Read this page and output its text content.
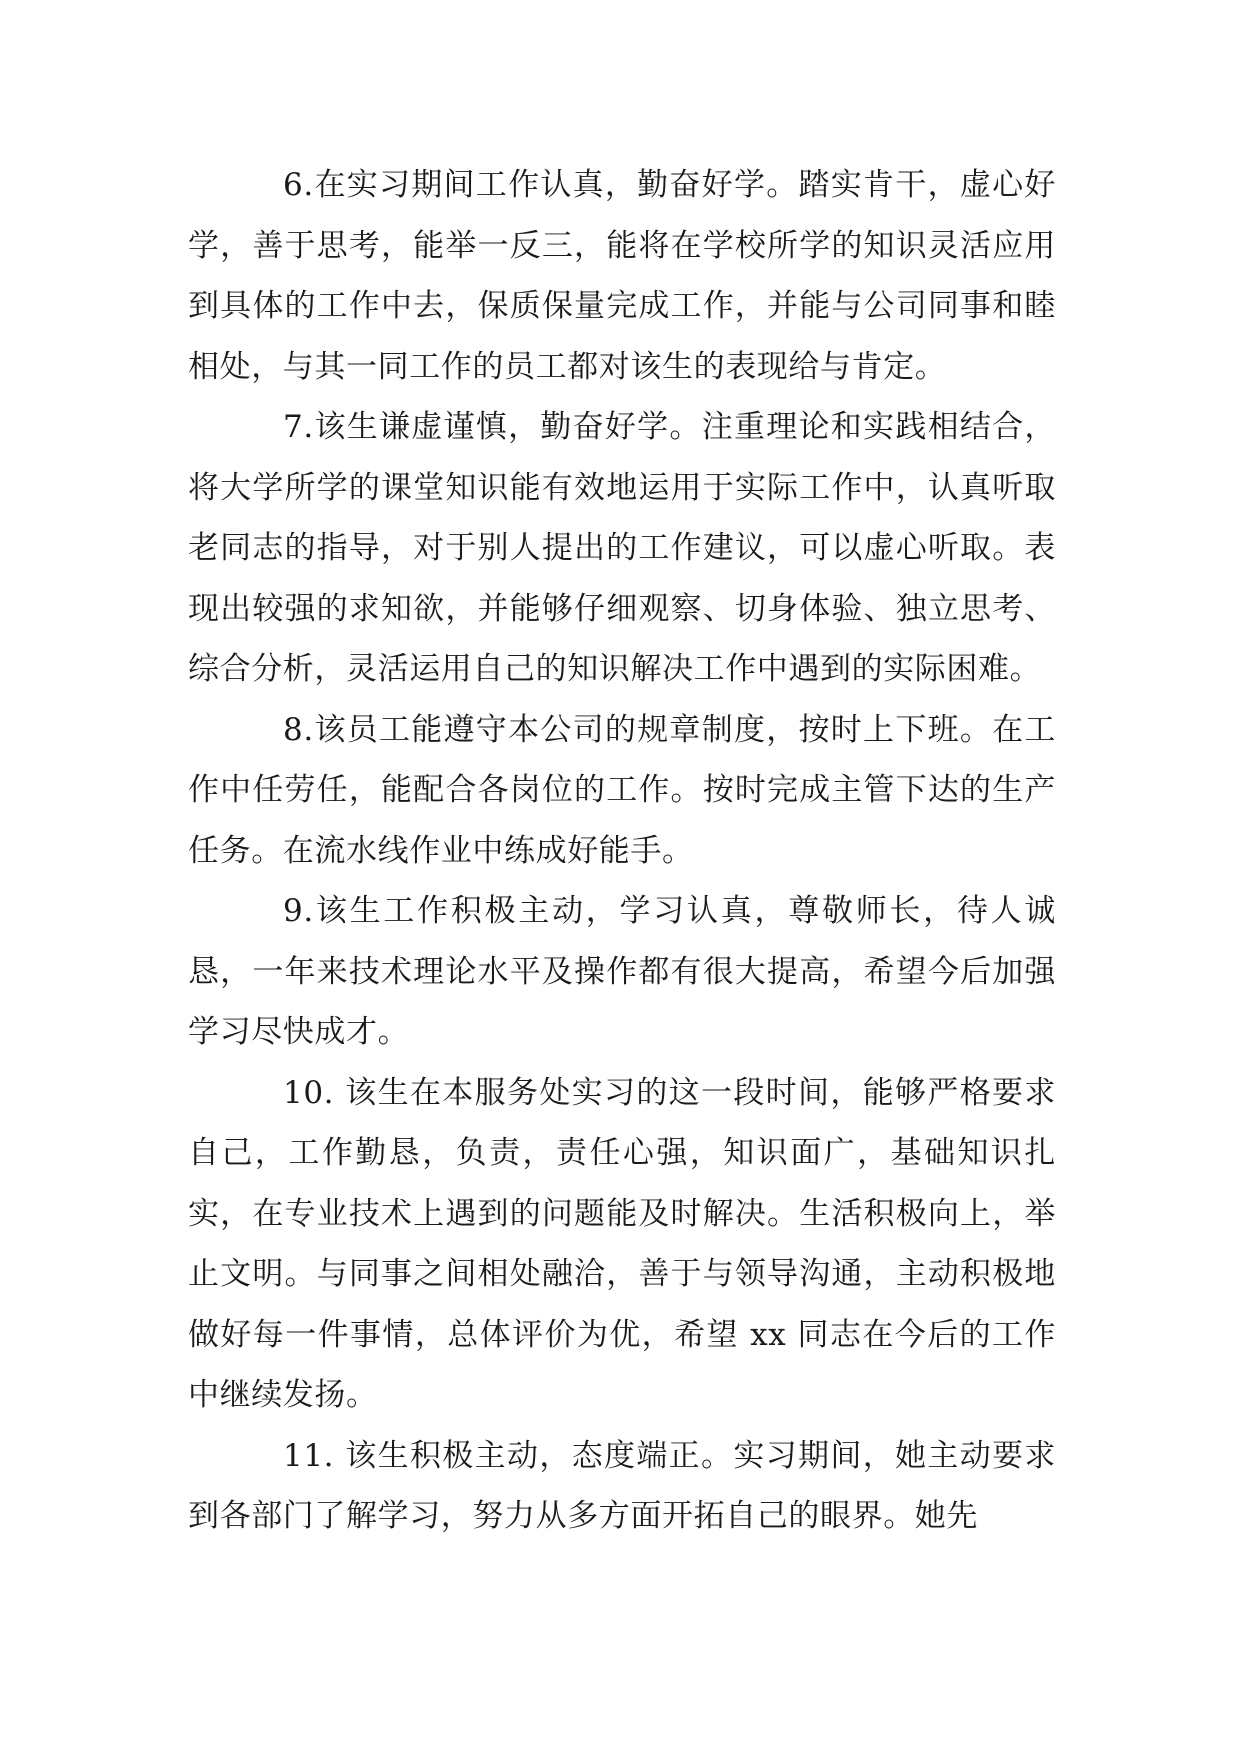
6.在实习期间工作认真，勤奋好学。踏实肯干，虚心好学，善于思考，能举一反三，能将在学校所学的知识灵活应用到具体的工作中去，保质保量完成工作，并能与公司同事和睦相处，与其一同工作的员工都对该生的表现给与肯定。

7.该生谦虚谨慎，勤奋好学。注重理论和实践相结合，将大学所学的课堂知识能有效地运用于实际工作中，认真听取老同志的指导，对于别人提出的工作建议，可以虚心听取。表现出较强的求知欲，并能够仔细观察、切身体验、独立思考、综合分析，灵活运用自己的知识解决工作中遇到的实际困难。

8.该员工能遵守本公司的规章制度，按时上下班。在工作中任劳任，能配合各岗位的工作。按时完成主管下达的生产任务。在流水线作业中练成好能手。

9.该生工作积极主动，学习认真，尊敬师长，待人诚恳，一年来技术理论水平及操作都有很大提高，希望今后加强学习尽快成才。

10. 该生在本服务处实习的这一段时间，能够严格要求自己，工作勤恳，负责，责任心强，知识面广，基础知识扎实，在专业技术上遇到的问题能及时解决。生活积极向上，举止文明。与同事之间相处融洽，善于与领导沟通，主动积极地做好每一件事情，总体评价为优，希望 xx 同志在今后的工作中继续发扬。

11. 该生积极主动，态度端正。实习期间，她主动要求到各部门了解学习，努力从多方面开拓自己的眼界。她先
